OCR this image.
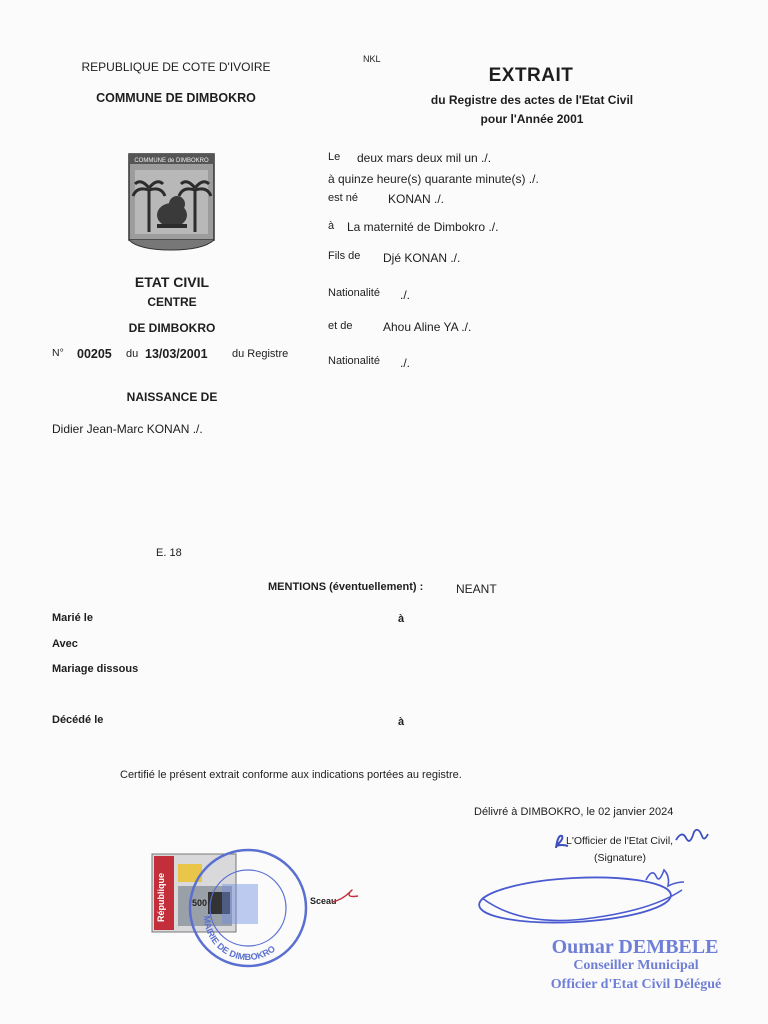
REPUBLIQUE DE COTE D'IVOIRE
COMMUNE DE DIMBOKRO
NKL
EXTRAIT
du Registre des actes de l'Etat Civil
pour l'Année 2001
COMMUNE de DIMBOKRO
ETAT CIVIL
CENTRE
DE DIMBOKRO
N° 00205 du 13/03/2001 du Registre
NAISSANCE DE
Didier Jean-Marc KONAN ./.
Le deux mars deux mil un ./.
à quinze heure(s) quarante minute(s) ./.
est né	KONAN ./.
à La maternité de Dimbokro ./.
Fils de Djé KONAN ./.
Nationalité ./.
et de	Ahou Aline YA ./.
Nationalité ./.
E. 18
MENTIONS (éventuellement) :	NEANT
Marié le	à
Avec
Mariage dissous
Décédé le	à
Certifié le présent extrait conforme aux indications portées au registre.
Délivré à DIMBOKRO, le 02 janvier 2024
L'Officier de l'Etat Civil,
(Signature)
Oumar DEMBELE
Conseiller Municipal
Officier d'Etat Civil Délégué
République	500
MAIRIE DE DIMBOKRO
Sceau
